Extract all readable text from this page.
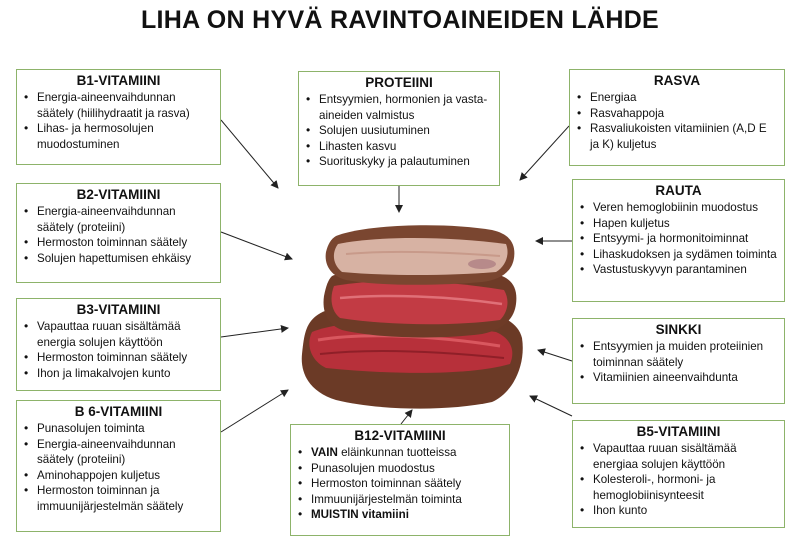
LIHA ON HYVÄ RAVINTOAINEIDEN LÄHDE
B1-VITAMIINI
• Energia-aineenvaihdunnan säätely (hiilihydraatit ja rasva)
• Lihas- ja hermosolujen muodostuminen
PROTEIINI
• Entsyymien, hormonien ja vasta-aineiden valmistus
• Solujen uusiutuminen
• Lihasten kasvu
• Suorituskyky ja palautuminen
RASVA
• Energiaa
• Rasvahappoja
• Rasvaliukoisten vitamiinien (A,D E ja K) kuljetus
B2-VITAMIINI
• Energia-aineenvaihdunnan säätely (proteiini)
• Hermoston toiminnan säätely
• Solujen hapettumisen ehkäisy
RAUTA
• Veren hemoglobiinin muodostus
• Hapen kuljetus
• Entsyymi- ja hormonitoiminnat
• Lihaskudoksen ja sydämen toiminta
• Vastustuskyvyn parantaminen
B3-VITAMIINI
• Vapauttaa ruuan sisältämää energia solujen käyttöön
• Hermoston toiminnan säätely
• Ihon ja limakalvojen kunto
SINKKI
• Entsyymien ja muiden proteiinien toiminnan säätely
• Vitamiinien aineenvaihdunta
B 6-VITAMIINI
• Punasolujen toiminta
• Energia-aineenvaihdunnan säätely (proteiini)
• Aminohappojen kuljetus
• Hermoston toiminnan ja immuunijärjestelmän säätely
B12-VITAMIINI
• VAIN eläinkunnan tuotteissa
• Punasolujen muodostus
• Hermoston toiminnan säätely
• Immuunijärjestelmän toiminta
• MUISTIN vitamiini
B5-VITAMIINI
• Vapauttaa ruuan sisältämää energiaa solujen käyttöön
• Kolesteroli-, hormoni- ja hemoglobiinisynteesit
• Ihon kunto
